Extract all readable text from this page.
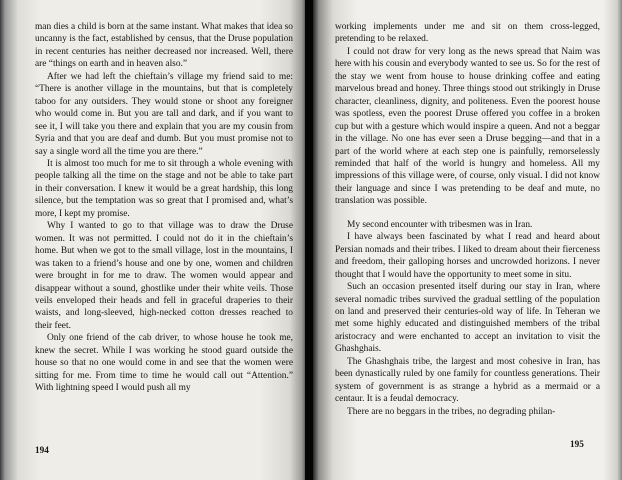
man dies a child is born at the same instant. What makes that idea so uncanny is the fact, established by census, that the Druse population in recent centuries has neither decreased nor increased. Well, there are “things on earth and in heaven also.”

After we had left the chieftain’s village my friend said to me: “There is another village in the mountains, but that is completely taboo for any outsiders. They would stone or shoot any foreigner who would come in. But you are tall and dark, and if you want to see it, I will take you there and explain that you are my cousin from Syria and that you are deaf and dumb. But you must promise not to say a single word all the time you are there.”

It is almost too much for me to sit through a whole evening with people talking all the time on the stage and not be able to take part in their conversation. I knew it would be a great hardship, this long silence, but the temptation was so great that I promised and, what’s more, I kept my promise.

Why I wanted to go to that village was to draw the Druse women. It was not permitted. I could not do it in the chieftain’s home. But when we got to the small village, lost in the mountains, I was taken to a friend’s house and one by one, women and children were brought in for me to draw. The women would appear and disappear without a sound, ghostlike under their white veils. Those veils enveloped their heads and fell in graceful draperies to their waists, and long-sleeved, high-necked cotton dresses reached to their feet.

Only one friend of the cab driver, to whose house he took me, knew the secret. While I was working he stood guard outside the house so that no one would come in and see that the women were sitting for me. From time to time he would call out “Attention.” With lightning speed I would push all my

194

working implements under me and sit on them cross-legged, pretending to be relaxed.

I could not draw for very long as the news spread that Naim was here with his cousin and everybody wanted to see us. So for the rest of the stay we went from house to house drinking coffee and eating marvelous bread and honey. Three things stood out strikingly in Druse character, cleanliness, dignity, and politeness. Even the poorest house was spotless, even the poorest Druse offered you coffee in a broken cup but with a gesture which would inspire a queen. And not a beggar in the village. No one has ever seen a Druse begging—and that in a part of the world where at each step one is painfully, remorselessly reminded that half of the world is hungry and homeless. All my impressions of this village were, of course, only visual. I did not know their language and since I was pretending to be deaf and mute, no translation was possible.

My second encounter with tribesmen was in Iran.

I have always been fascinated by what I read and heard about Persian nomads and their tribes. I liked to dream about their fierceness and freedom, their galloping horses and uncrowded horizons. I never thought that I would have the opportunity to meet some in situ.

Such an occasion presented itself during our stay in Iran, where several nomadic tribes survived the gradual settling of the population on land and preserved their centuries-old way of life. In Teheran we met some highly educated and distinguished members of the tribal aristocracy and were enchanted to accept an invitation to visit the Ghashghais.

The Ghashghais tribe, the largest and most cohesive in Iran, has been dynastically ruled by one family for countless generations. Their system of government is as strange a hybrid as a mermaid or a centaur. It is a feudal democracy.

There are no beggars in the tribes, no degrading philan-

195
